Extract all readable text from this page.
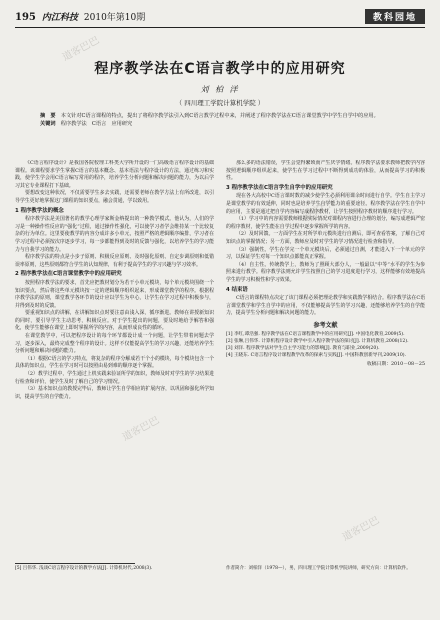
道客巴巴
道客巴巴
道客巴巴
道客巴巴
195 内江科技 2010年第10期	教科园地
程序教学法在C语言教学中的应用研究
刘 柏 洋
（ 四川理工学院计算机学院 ）
摘　要　 本文针对C语言课程的特点，提出了将程序教学法引入到C语言教学过程中来，并阐述了程序教学法在C语言课堂教学中学生自学中的应用。
关键词　 程序教学法　C语言　应用研究

《C语言程序设计》是我国各院校理工科类大学所开设的一门高级语言程序设计的基础课程。该课程要求学生掌握C语言的基本概念、基本语法与程序设计的方法，通过练习和实践，使学生学会用C语言编写常用的程序，培养学生分析问题和解决问题的能力，为以后学习其它专业课程打下基础。

要想改变这种状况，不仅需要学生多去实践，还需要老师在教学方法上有所改进，以引导学生更好地掌握这门课程的知识要点，融会贯通，学以致用。

1 程序教学法的概念

程序教学法是美国著名的教学心理学家斯金纳提出的一种教学模式。他认为，人们的学习是一种操作性反应的“强化”过程，通过操作性强化，可以使学习者学会维持某一个比较复杂的行为单位。这里要使教学的内容分成许多小单元，按照严格的逻辑顺序编排，学习者在学习过程中必须按次序逐步学习，每一步都能得到及时的反馈与强化，以培养学生的学习能力与自我学习的能力。

程序教学法的特点是小步子原则、积极反应原则、及时强化原则、自定步调原则和低错误率原则，这些原则都符合学生的认知规律，有利于提高学生的学习兴趣与学习效率。

2 程序教学法在C语言课堂教学中的应用研究

按照程序教学法的要求，首先应把教材划分为若干小单元模块，每个单元模块围绕一个知识要点，然后将这些单元模块按一定的逻辑顺序组织起来，形成课堂教学的程序。根据程序教学法的原则，课堂教学各环节的设计应以学生为中心，让学生在学习过程中积极参与，并得到及时的反馈。

要重视知识点的讲解，在讲解知识点时要注意由浅入深，循序渐进。教师在讲授新知识的同时，要引导学生主动思考，积极反应。对于学生提出的问题，要及时地给予解答和强化，使学生能够在课堂上即时掌握所学的内容，从而形成良性的循环。

在课堂教学中，可以把程序设计的每个环节都设计成一个问题，让学生带着问题去学习，逐步深入，最终完成整个程序的设计。这样不仅能提高学生的学习兴趣，还能培养学生分析问题和解决问题的能力。

（1）根据C语言的学习特点，将复杂的程序分解成若干个小的模块，每个模块包含一个具体的知识点，学生在学习时可以按照由易到难的顺序逐个掌握。

（2）教学过程中，学生通过上机实践来验证所学的知识，教师及时对学生的学习结果进行检查和评价，使学生及时了解自己的学习情况。

（3）基本知识点的教授完毕后，教师让学生自学相应的扩展内容，以巩固和强化所学知识，提高学生的自学能力。

那么多的语法错误，学生会觉得繁琐而产生厌学情绪。程序教学法要求教师把教学内容按照逻辑顺序组织起来，使学生在学习过程中不断得到成功的体验，从而提高学习的积极性。

3 程序教学法在C语言学生自学中的应用研究

现在各大高校中C语言课时数的减少使学生必须利用课余时间进行自学。学生自主学习是课堂教学的有效延伸，同时也是培养学生自学能力的重要途径。程序教学法在学生自学中的应用，主要是通过把自学内容编写成程序教材，让学生按照程序教材的顺序进行学习。

（1）学习中的内容需要教师根据实际情况对课程内容进行合理的划分，编写成逻辑严密的程序教材，使学生能在自学过程中逐步掌握所学的内容。

（2）及时回馈。一方面学生在对所学单元模块进行自测后，即可查看答案，了解自己对知识点的掌握情况；另一方面，教师应及时对学生的学习情况进行检查和指导。

（3）强制性。学生在学完一个单元模块后，必须通过自测，才能进入下一个单元的学习，以保证学生对每一个知识点都能真正掌握。

（4）自主性。传统教学上，教师为了照顾大部分人，一般最以“中等”水平的学生为参照来进行教学。程序教学法则允许学生按照自己的学习进度进行学习，这样能够有效地提高学生的学习积极性和学习效果。

4 结束语

C语言的课程特点决定了该门课程必须把理论教学和实践教学相结合。程序教学法在C语言课堂教学和学生自学中的应用，不仅能够提高学生的学习兴趣，还能够培养学生的自学能力，提高学生分析问题和解决问题的能力。

参考文献

[1] 李红,谭浩强. 程序教学法在C语言课程教学中的应用研究[J]. 中国电化教育,2009(5).

[2] 张琳,吕伟华. 计算机程序设计教学中引入程序教学法的探讨[J]. 计算机教育,2008(12).

[3] 刘洋. 程序教学法对学生自主学习能力的影响[J]. 教育与职业,2009(20).

[4] 王晓东. C语言程序设计课程教学改革的探索与实践[J]. 中国科教创新导刊,2009(10).

收稿日期：2010－08－25
[5] 吕伟华. 浅谈C语言程序设计的教学方法[J]. 计算机时代,2008(3).	作者简介：刘柏洋（1978—），男，四川理工学院计算机学院讲师，研究方向：计算机软件。
